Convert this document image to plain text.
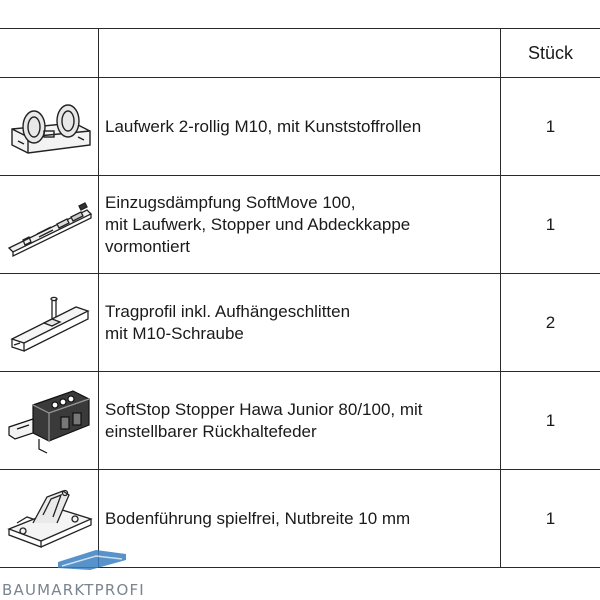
		Stück

Laufwerk 2-rollig M10, mit Kunststoffrollen	1

Einzugsdämpfung SoftMove 100,
mit Laufwerk, Stopper und Abdeckkappe
vormontiert	1

Tragprofil inkl. Aufhängeschlitten
mit M10-Schraube	2

SoftStop Stopper Hawa Junior 80/100, mit
einstellbarer Rückhaltefeder	1

Bodenführung spielfrei, Nutbreite 10 mm	1
BAUMARKTPROFI
